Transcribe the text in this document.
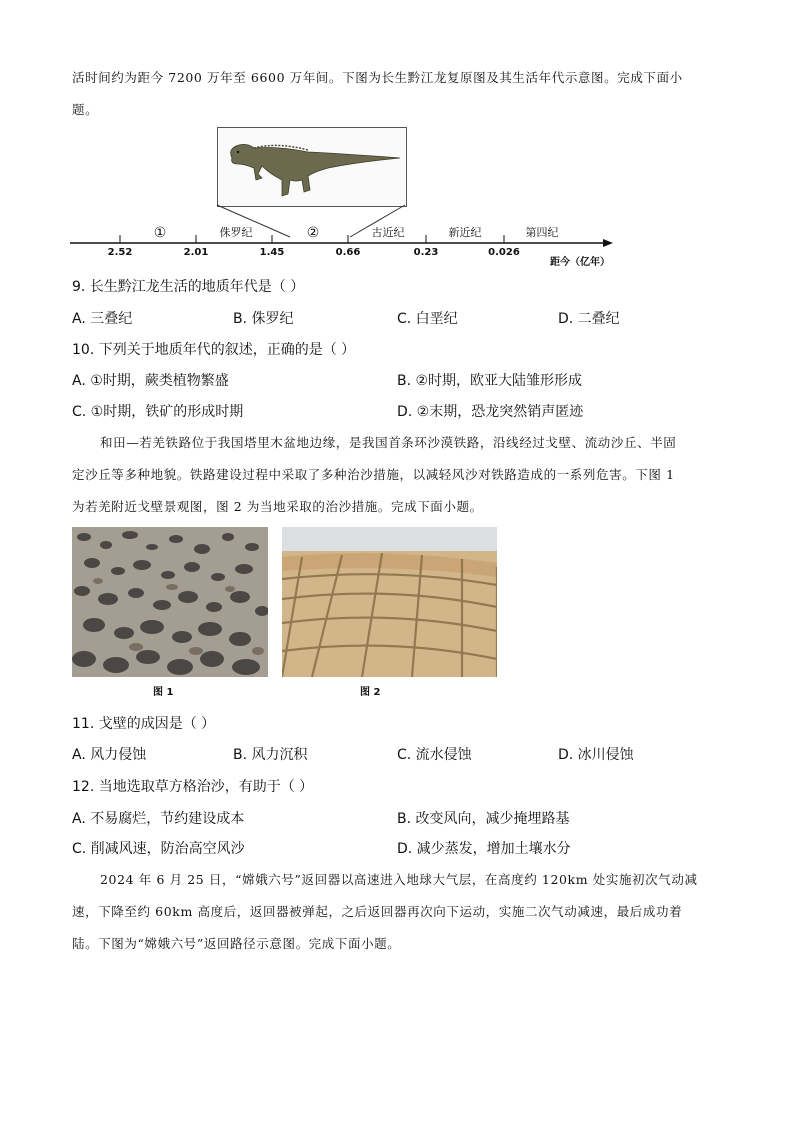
活时间约为距今 7200 万年至 6600 万年间。下图为长生黔江龙复原图及其生活年代示意图。完成下面小
题。
①	侏罗纪	②	古近纪	新近纪	第四纪
2.52	2.01	1.45	0.66	0.23	0.026
距今（亿年）
9. 长生黔江龙生活的地质年代是（ ）
A. 三叠纪	B. 侏罗纪	C. 白垩纪	D. 二叠纪
10. 下列关于地质年代的叙述，正确的是（ ）
A. ①时期，蕨类植物繁盛	B. ②时期，欧亚大陆雏形形成
C. ①时期，铁矿的形成时期	D. ②末期，恐龙突然销声匿迹
和田—若羌铁路位于我国塔里木盆地边缘，是我国首条环沙漠铁路，沿线经过戈壁、流动沙丘、半固
定沙丘等多种地貌。铁路建设过程中采取了多种治沙措施，以减轻风沙对铁路造成的一系列危害。下图 1
为若羌附近戈壁景观图，图 2 为当地采取的治沙措施。完成下面小题。
图 1	图 2
11. 戈壁的成因是（ ）
A. 风力侵蚀	B. 风力沉积	C. 流水侵蚀	D. 冰川侵蚀
12. 当地选取草方格治沙，有助于（ ）
A. 不易腐烂，节约建设成本	B. 改变风向，减少掩埋路基
C. 削减风速，防治高空风沙	D. 减少蒸发，增加土壤水分
2024 年 6 月 25 日，“嫦娥六号”返回器以高速进入地球大气层，在高度约 120km 处实施初次气动减
速，下降至约 60km 高度后，返回器被弹起，之后返回器再次向下运动，实施二次气动减速，最后成功着
陆。下图为“嫦娥六号”返回路径示意图。完成下面小题。
